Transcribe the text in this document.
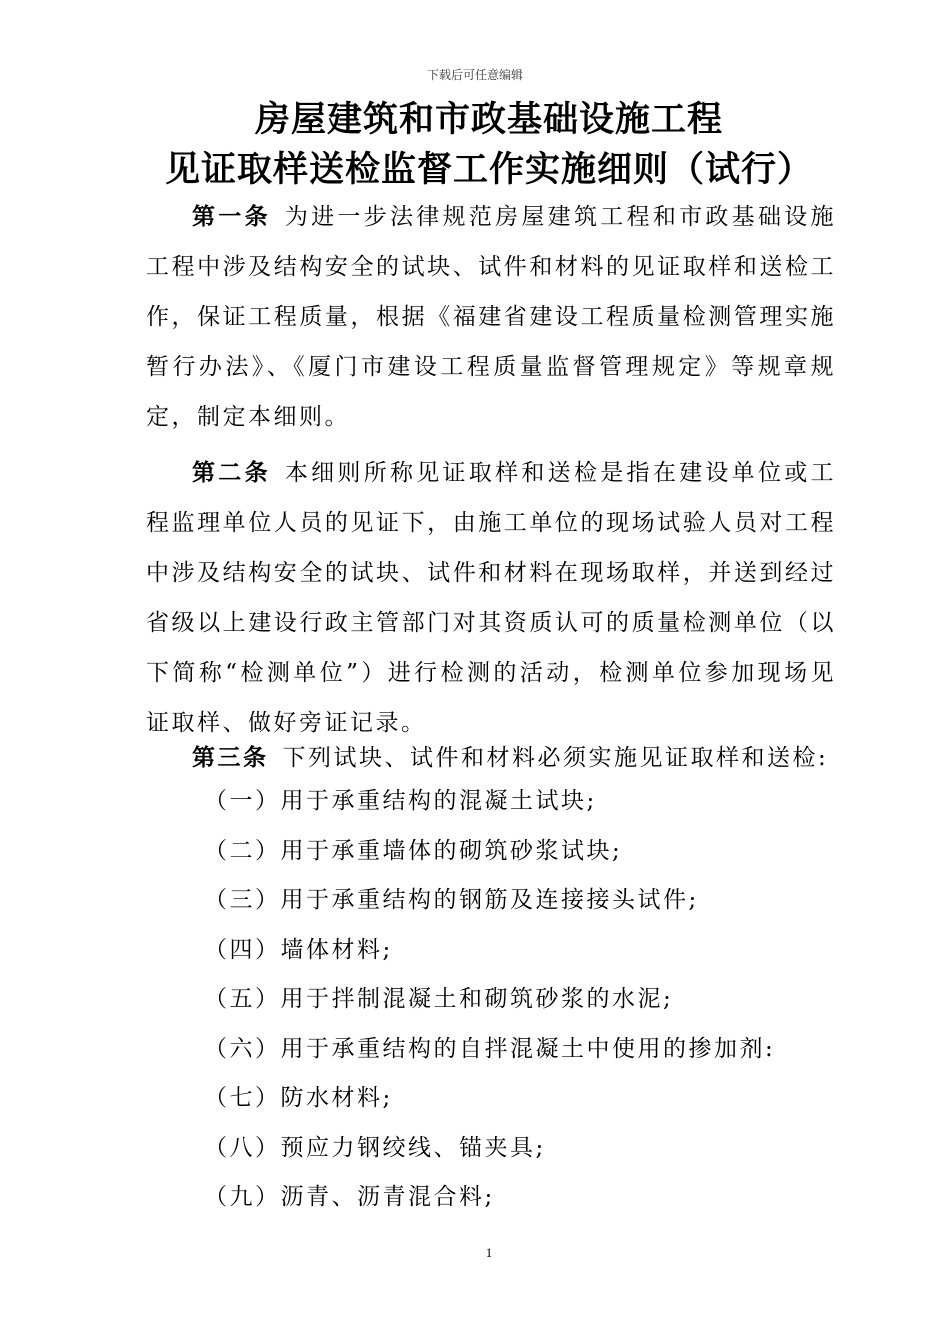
下载后可任意编辑
房屋建筑和市政基础设施工程
见证取样送检监督工作实施细则（试行）

第一条 为进一步法律规范房屋建筑工程和市政基础设施工程中涉及结构安全的试块、试件和材料的见证取样和送检工作，保证工程质量，根据《福建省建设工程质量检测管理实施暂行办法》、《厦门市建设工程质量监督管理规定》等规章规定，制定本细则。

第二条 本细则所称见证取样和送检是指在建设单位或工程监理单位人员的见证下，由施工单位的现场试验人员对工程中涉及结构安全的试块、试件和材料在现场取样，并送到经过省级以上建设行政主管部门对其资质认可的质量检测单位（以下简称“检测单位”）进行检测的活动，检测单位参加现场见证取样、做好旁证记录。

第三条 下列试块、试件和材料必须实施见证取样和送检:

（一）用于承重结构的混凝土试块;
（二）用于承重墙体的砌筑砂浆试块;
（三）用于承重结构的钢筋及连接接头试件;
（四）墙体材料;
（五）用于拌制混凝土和砌筑砂浆的水泥;
（六）用于承重结构的自拌混凝土中使用的掺加剂:
（七）防水材料;
（八）预应力钢绞线、锚夹具;
（九）沥青、沥青混合料;
1
